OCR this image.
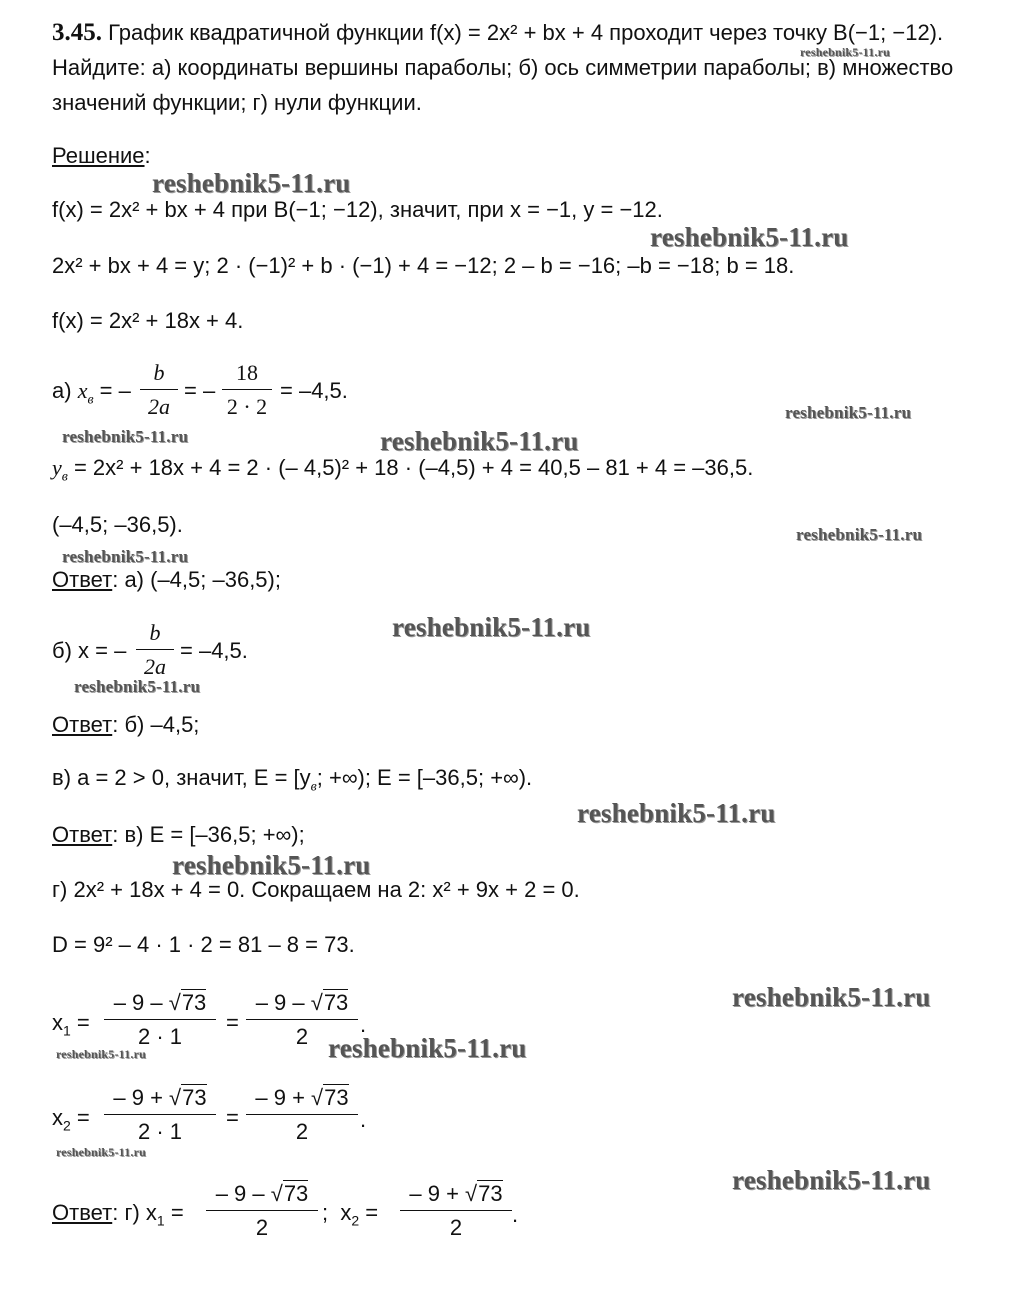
3.45. График квадратичной функции f(x) = 2x² + bx + 4 проходит через точку B(−1; −12).
Найдите: а) координаты вершины параболы; б) ось симметрии параболы; в) множество
значений функции; г) нули функции.
Решение:
f(x) = 2x² + bx + 4 при B(−1; −12), значит, при x = −1, y = −12.
2x² + bx + 4 = y; 2 · (−1)² + b · (−1) + 4 = −12; 2 – b = −16; –b = −18; b = 18.
f(x) = 2x² + 18x + 4.
а) $x_в$ = –
b
2a
= –
18
2 · 2
= –4,5.
$y_в = 2x^2 + 18x + 4 = 2$ · (– 4,5)² + 18 · (–4,5) + 4 = 40,5 – 81 + 4 = –36,5.
(–4,5; –36,5).
Ответ: а) (–4,5; –36,5);
б) x = –
b
2a
= –4,5.
Ответ: б) –4,5;
в) a = 2 > 0, значит, $E = [y_в$; +∞); E = [–36,5; +∞).
Ответ: в) E = [–36,5; +∞);
г) 2x² + 18x + 4 = 0. Сокращаем на 2: x² + 9x + 2 = 0.
D = 9² – 4 · 1 · 2 = 81 – 8 = 73.
$x_1$ =
– 9 – √73
2 · 1
=
– 9 – √73
2	.
$x_2$ =
– 9 + √73
2 · 1
=
– 9 + √73
2	.
Ответ: г) $x_1$ =
– 9 – √73
2
; $x_2$ =
– 9 + √73
2
.
reshebnik5-11.ru
reshebnik5-11.ru
reshebnik5-11.ru
reshebnik5-11.ru
reshebnik5-11.ru	reshebnik5-11.ru
reshebnik5-11.ru
reshebnik5-11.ru
reshebnik5-11.ru
reshebnik5-11.ru
reshebnik5-11.ru
reshebnik5-11.ru
reshebnik5-11.ru
reshebnik5-11.ru
reshebnik5-11.ru
reshebnik5-11.ru
reshebnik5-11.ru
